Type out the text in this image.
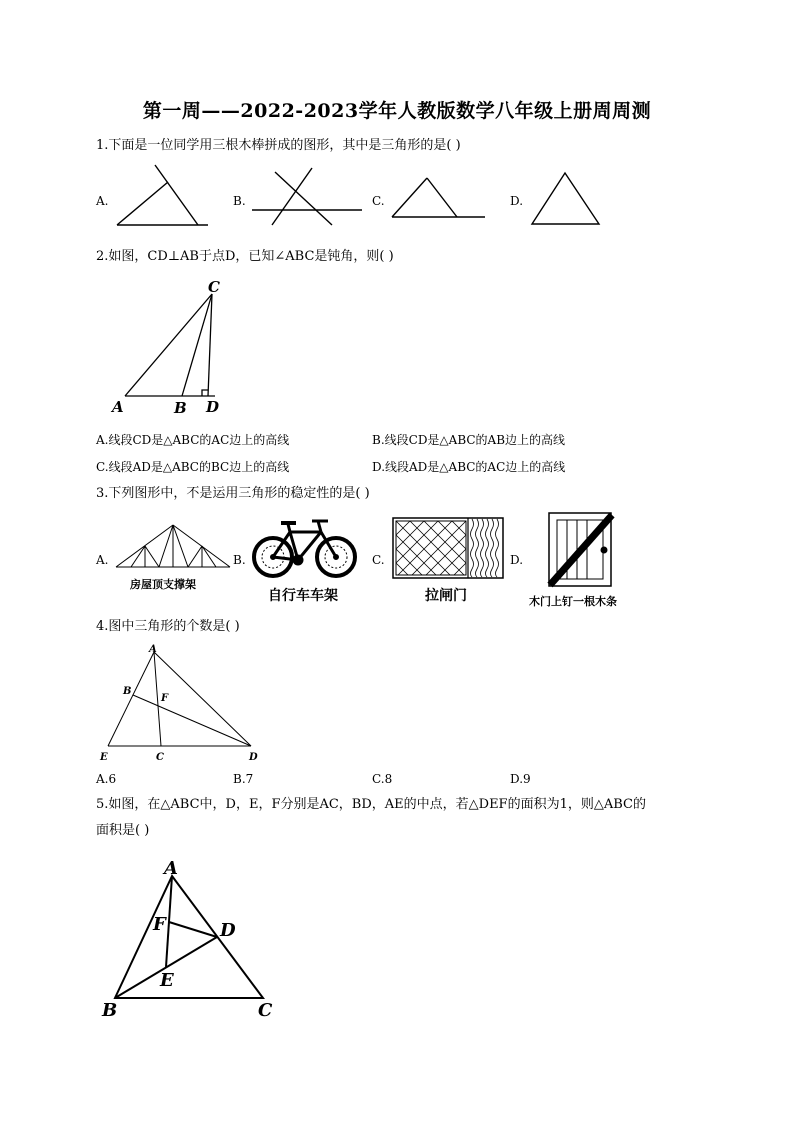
第一周——2022-2023学年人教版数学八年级上册周周测
1.下面是一位同学用三根木棒拼成的图形，其中是三角形的是( )
A.	B.	C.	D.
2.如图，CD⊥AB于点D，已知∠ABC是钝角，则( )
C
A	B D
A.线段CD是△ABC的AC边上的高线	B.线段CD是△ABC的AB边上的高线
C.线段AD是△ABC的BC边上的高线	D.线段AD是△ABC的AC边上的高线
3.下列图形中，不是运用三角形的稳定性的是( )
A.	B.	C.	D.
房屋顶支撑架
自行车车架	拉闸门	木门上钉一根木条
4.图中三角形的个数是( )
A
B
F
E	C	D
A.6	B.7	C.8	D.9
5.如图，在△ABC中，D，E，F分别是AC，BD，AE的中点，若△DEF的面积为1，则△ABC的
面积是( )
A
B	C
D
E
F
